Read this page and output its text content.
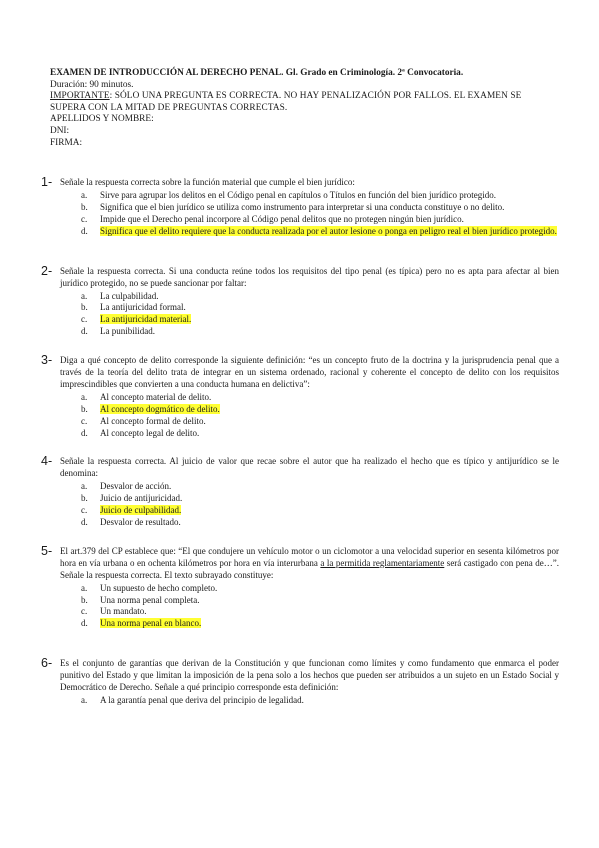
EXAMEN DE INTRODUCCIÓN AL DERECHO PENAL. Gl. Grado en Criminología. 2ª Convocatoria.
Duración: 90 minutos.
IMPORTANTE: SÓLO UNA PREGUNTA ES CORRECTA. NO HAY PENALIZACIÓN POR FALLOS. EL EXAMEN SE SUPERA CON LA MITAD DE PREGUNTAS CORRECTAS.
APELLIDOS Y NOMBRE:
DNI:
FIRMA:
1- Señale la respuesta correcta sobre la función material que cumple el bien jurídico:

a. Sirve para agrupar los delitos en el Código penal en capítulos o Títulos en función del bien jurídico protegido.
b. Significa que el bien jurídico se utiliza como instrumento para interpretar si una conducta constituye o no delito.
c. Impide que el Derecho penal incorpore al Código penal delitos que no protegen ningún bien jurídico.
d. Significa que el delito requiere que la conducta realizada por el autor lesione o ponga en peligro real el bien jurídico protegido.
2- Señale la respuesta correcta. Si una conducta reúne todos los requisitos del tipo penal (es típica) pero no es apta para afectar al bien jurídico protegido, no se puede sancionar por faltar:

a. La culpabilidad.
b. La antijuricidad formal.
c. La antijuricidad material.
d. La punibilidad.
3- Diga a qué concepto de delito corresponde la siguiente definición: “es un concepto fruto de la doctrina y la jurisprudencia penal que a través de la teoría del delito trata de integrar en un sistema ordenado, racional y coherente el concepto de delito con los requisitos imprescindibles que convierten a una conducta humana en delictiva”:

a. Al concepto material de delito.
b. Al concepto dogmático de delito.
c. Al concepto formal de delito.
d. Al concepto legal de delito.
4- Señale la respuesta correcta. Al juicio de valor que recae sobre el autor que ha realizado el hecho que es típico y antijurídico se le denomina:

a. Desvalor de acción.
b. Juicio de antijuricidad.
c. Juicio de culpabilidad.
d. Desvalor de resultado.
5- El art.379 del CP establece que: “El que condujere un vehículo motor o un ciclomotor a una velocidad superior en sesenta kilómetros por hora en vía urbana o en ochenta kilómetros por hora en vía interurbana a la permitida reglamentariamente será castigado con pena de…”. Señale la respuesta correcta. El texto subrayado constituye:

a. Un supuesto de hecho completo.
b. Una norma penal completa.
c. Un mandato.
d. Una norma penal en blanco.
6- Es el conjunto de garantías que derivan de la Constitución y que funcionan como límites y como fundamento que enmarca el poder punitivo del Estado y que limitan la imposición de la pena solo a los hechos que pueden ser atribuidos a un sujeto en un Estado Social y Democrático de Derecho. Señale a qué principio corresponde esta definición:

a. A la garantía penal que deriva del principio de legalidad.
